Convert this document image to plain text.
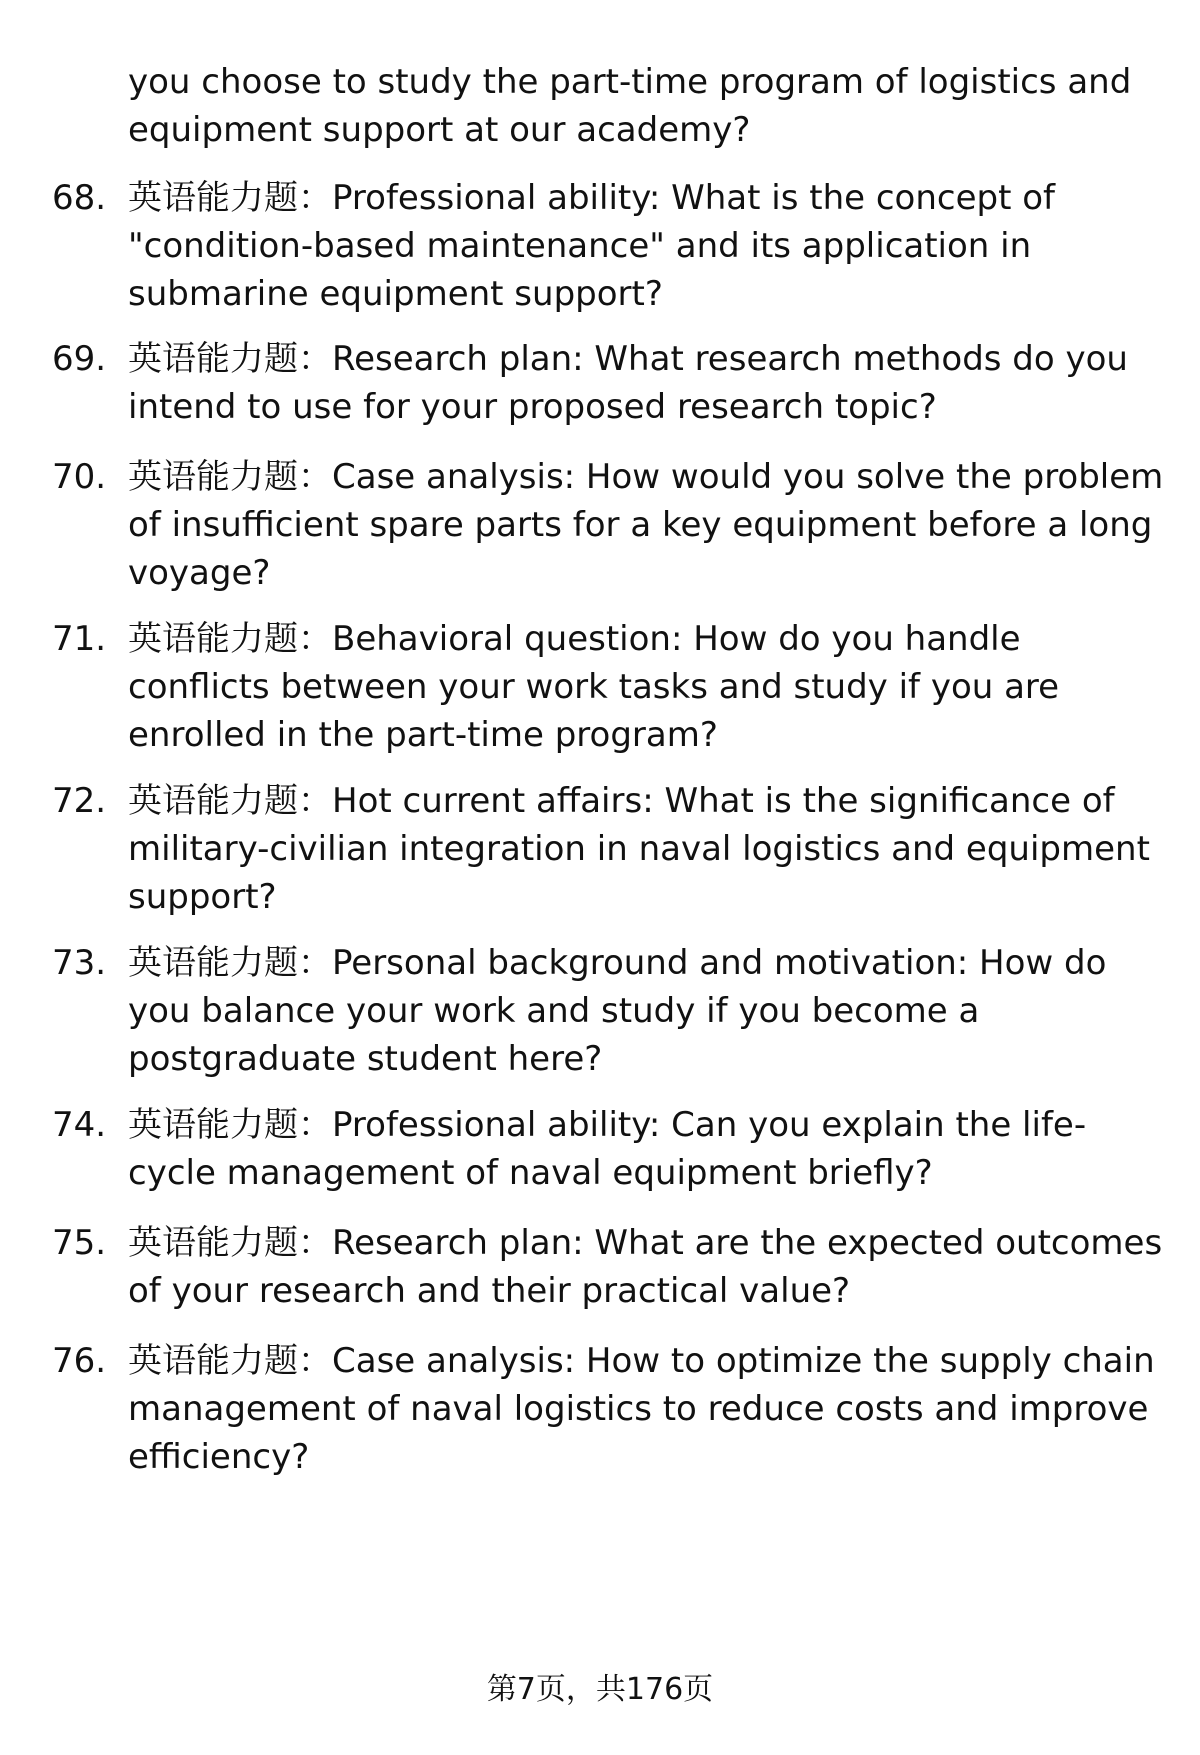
you choose to study the part-time program of logistics and equipment support at our academy?
68. 英语能力题：Professional ability: What is the concept of "condition-based maintenance" and its application in submarine equipment support?
69. 英语能力题：Research plan: What research methods do you intend to use for your proposed research topic?
70. 英语能力题：Case analysis: How would you solve the problem of insufficient spare parts for a key equipment before a long voyage?
71. 英语能力题：Behavioral question: How do you handle conflicts between your work tasks and study if you are enrolled in the part-time program?
72. 英语能力题：Hot current affairs: What is the significance of military-civilian integration in naval logistics and equipment support?
73. 英语能力题：Personal background and motivation: How do you balance your work and study if you become a postgraduate student here?
74. 英语能力题：Professional ability: Can you explain the life-cycle management of naval equipment briefly?
75. 英语能力题：Research plan: What are the expected outcomes of your research and their practical value?
76. 英语能力题：Case analysis: How to optimize the supply chain management of naval logistics to reduce costs and improve efficiency?
第7页，共176页
